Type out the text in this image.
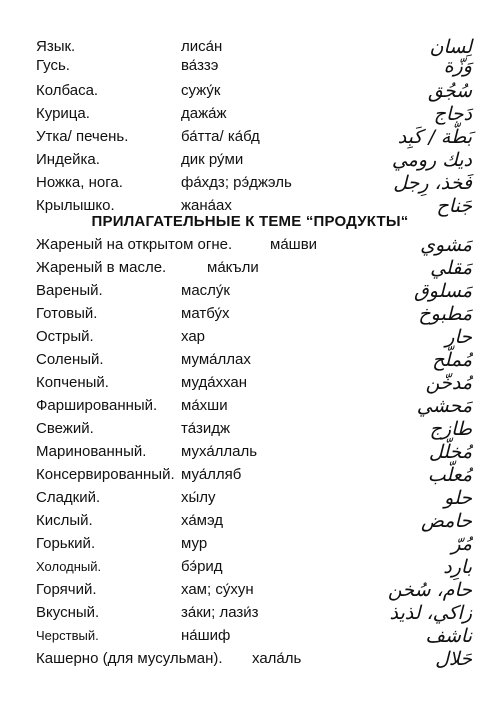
Язык.	лиса́н	لِسان
Гусь.	ва́ззэ	وَزّة
Колбаса.	сужу́к	سُجُق
Курица.	дажа́ж	دَجاج
Утка/ печень.	ба́тта/ ка́бд	بَطّة / كَبِد
Индейка.	дик ру́ми	ديك رومي
Ножка, нога.	фа́хдз; рэ́джэль	فَخذ، رِجل
Крылышко.	жана́ах	جَناح
ПРИЛАГАТЕЛЬНЫЕ К ТЕМЕ “ПРОДУКТЫ“
Жареный на открытом огне.	ма́шви	مَشوي
Жареный в масле.	ма́къли	مَقلي
Вареный.	маслу́к	مَسلوق
Готовый.	матбу́х	مَطبوخ
Острый.	хар	حار
Соленый.	мума́ллах	مُملّح
Копченый.	муда́ххан	مُدخّن
Фаршированный. ма́хши	مَحشي
Свежий.	та́зидж	طازج
Маринованный. муха́ллаль	مُخلّل
Консервированный. муа́лляб	مُعلّب
Сладкий.	хы́лу	حلو
Кислый.	ха́мэд	حامض
Горький.	мур	مُرّ
Холодный.	бэ́рид	بارِد
Горячий.	хам; су́хун	حام، سُخن
Вкусный.	за́ки; лази́з	زاكي، لذيذ
Черствый.	на́шиф	ناشف
Кашерно (для мусульман). хала́ль	حَلال
